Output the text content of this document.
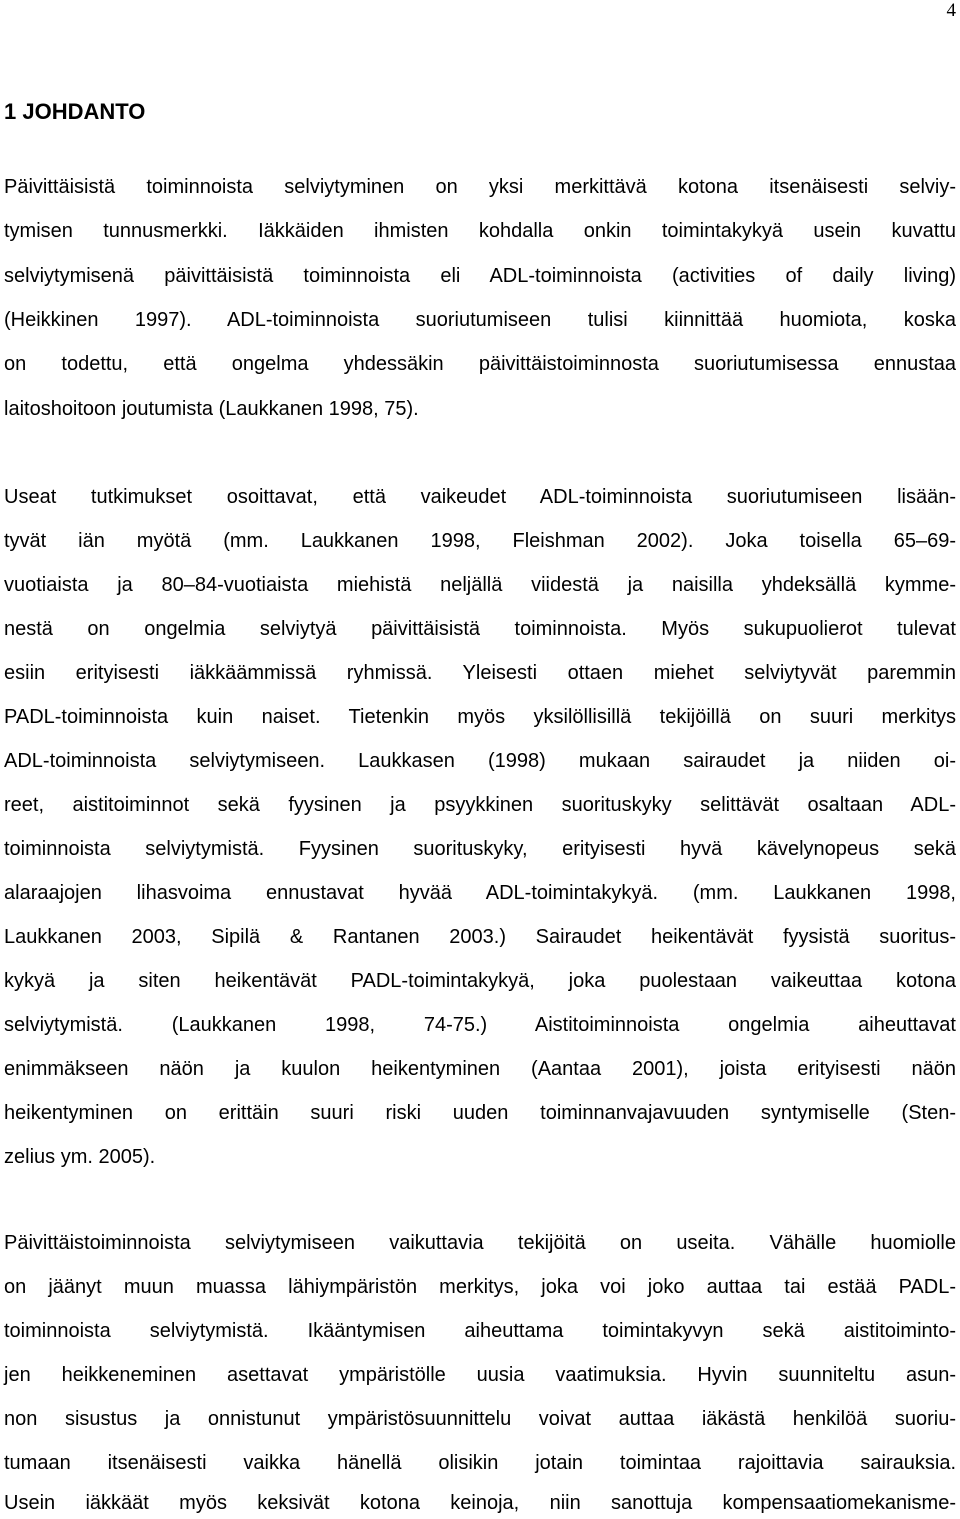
4
1 JOHDANTO
Päivittäisistä toiminnoista selviytyminen on yksi merkittävä kotona itsenäisesti selviy-
tymisen tunnusmerkki. Iäkkäiden ihmisten kohdalla onkin toimintakykyä usein kuvattu
selviytymisenä päivittäisistä toiminnoista eli ADL-toiminnoista (activities of daily living)
(Heikkinen 1997). ADL-toiminnoista suoriutumiseen tulisi kiinnittää huomiota, koska
on todettu, että ongelma yhdessäkin päivittäistoiminnosta suoriutumisessa ennustaa
laitoshoitoon joutumista (Laukkanen 1998, 75).
Useat tutkimukset osoittavat, että vaikeudet ADL-toiminnoista suoriutumiseen lisään-
tyvät iän myötä (mm. Laukkanen 1998, Fleishman 2002). Joka toisella 65–69-
vuotiaista ja 80–84-vuotiaista miehistä neljällä viidestä ja naisilla yhdeksällä kymme-
nestä on ongelmia selviytyä päivittäisistä toiminnoista. Myös sukupuolierot tulevat
esiin erityisesti iäkkäämmissä ryhmissä. Yleisesti ottaen miehet selviytyvät paremmin
PADL-toiminnoista kuin naiset. Tietenkin myös yksilöllisillä tekijöillä on suuri merkitys
ADL-toiminnoista selviytymiseen. Laukkasen (1998) mukaan sairaudet ja niiden oi-
reet, aistitoiminnot sekä fyysinen ja psyykkinen suorituskyky selittävät osaltaan ADL-
toiminnoista selviytymistä. Fyysinen suorituskyky, erityisesti hyvä kävelynopeus sekä
alaraajojen lihasvoima ennustavat hyvää ADL-toimintakykyä. (mm. Laukkanen 1998,
Laukkanen 2003, Sipilä & Rantanen 2003.) Sairaudet heikentävät fyysistä suoritus-
kykyä ja siten heikentävät PADL-toimintakykyä, joka puolestaan vaikeuttaa kotona
selviytymistä. (Laukkanen 1998, 74-75.) Aistitoiminnoista ongelmia aiheuttavat
enimmäkseen näön ja kuulon heikentyminen (Aantaa 2001), joista erityisesti näön
heikentyminen on erittäin suuri riski uuden toiminnanvajavuuden syntymiselle (Sten-
zelius ym. 2005).
Päivittäistoiminnoista selviytymiseen vaikuttavia tekijöitä on useita. Vähälle huomiolle
on jäänyt muun muassa lähiympäristön merkitys, joka voi joko auttaa tai estää PADL-
toiminnoista selviytymistä. Ikääntymisen aiheuttama toimintakyvyn sekä aistitoiminto-
jen heikkeneminen asettavat ympäristölle uusia vaatimuksia. Hyvin suunniteltu asun-
non sisustus ja onnistunut ympäristösuunnittelu voivat auttaa iäkästä henkilöä suoriu-
tumaan itsenäisesti vaikka hänellä olisikin jotain toimintaa rajoittavia sairauksia.
Usein iäkkäät myös keksivät kotona keinoja, niin sanottuja kompensaatiomekanisme-
